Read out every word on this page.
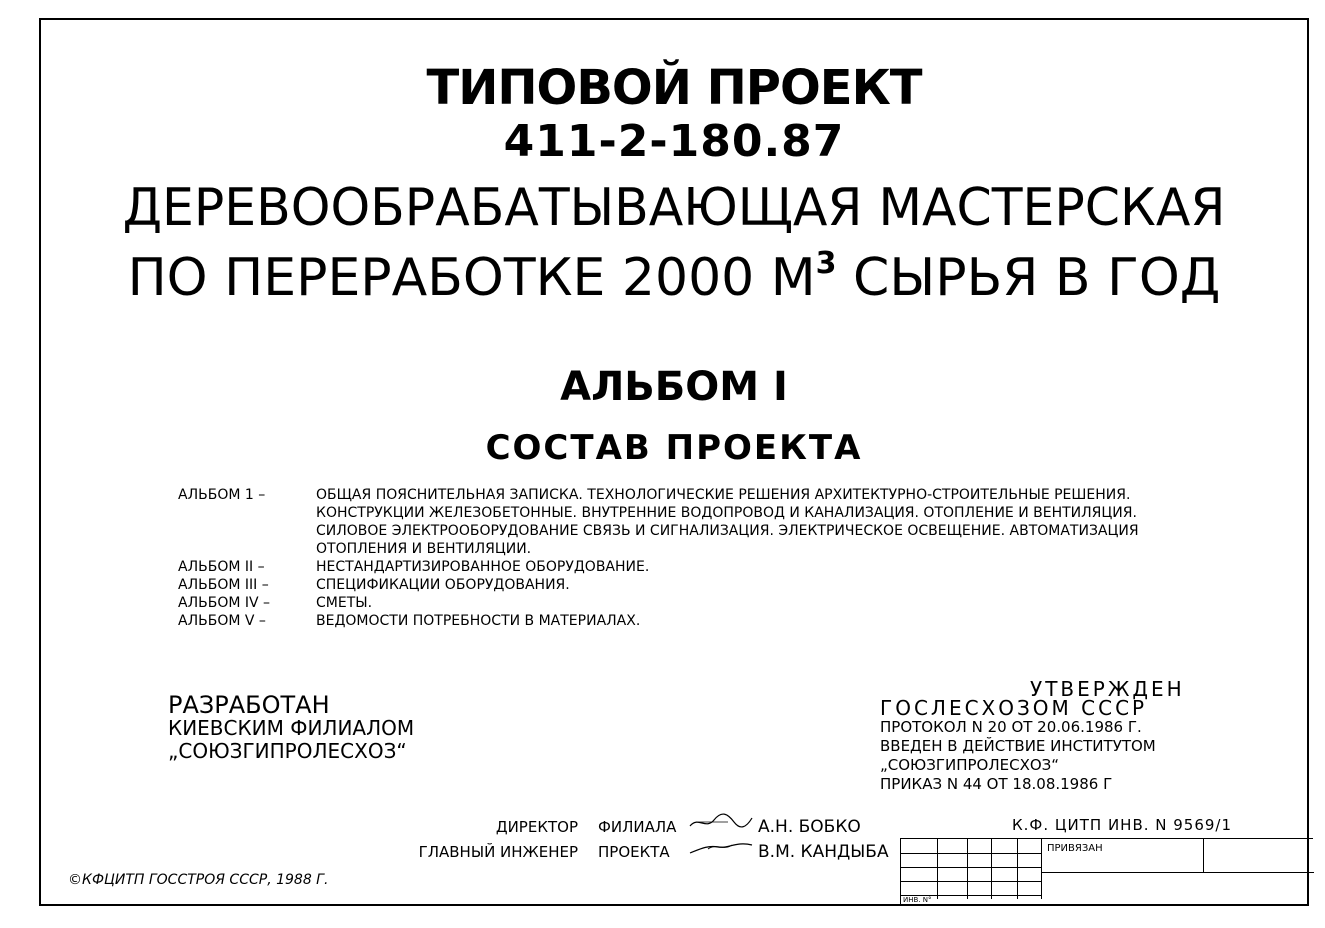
ТИПОВОЙ ПРОЕКТ
411-2-180.87
ДЕРЕВООБРАБАТЫВАЮЩАЯ МАСТЕРСКАЯ
ПО ПЕРЕРАБОТКЕ 2000 $М^3$ СЫРЬЯ В ГОД
АЛЬБОМ I
СОСТАВ ПРОЕКТА
АЛЬБОМ 1 –	ОБЩАЯ ПОЯСНИТЕЛЬНАЯ ЗАПИСКА. ТЕХНОЛОГИЧЕСКИЕ РЕШЕНИЯ АРХИТЕКТУРНО-СТРОИТЕЛЬНЫЕ РЕШЕНИЯ.
КОНСТРУКЦИИ ЖЕЛЕЗОБЕТОННЫЕ. ВНУТРЕННИЕ ВОДОПРОВОД И КАНАЛИЗАЦИЯ. ОТОПЛЕНИЕ И ВЕНТИЛЯЦИЯ.
СИЛОВОЕ ЭЛЕКТРООБОРУДОВАНИЕ СВЯЗЬ И СИГНАЛИЗАЦИЯ. ЭЛЕКТРИЧЕСКОЕ ОСВЕЩЕНИЕ. АВТОМАТИЗАЦИЯ
ОТОПЛЕНИЯ И ВЕНТИЛЯЦИИ.
АЛЬБОМ II –	НЕСТАНДАРТИЗИРОВАННОЕ ОБОРУДОВАНИЕ.
АЛЬБОМ III –	СПЕЦИФИКАЦИИ ОБОРУДОВАНИЯ.
АЛЬБОМ IV –	СМЕТЫ.
АЛЬБОМ V –	ВЕДОМОСТИ ПОТРЕБНОСТИ В МАТЕРИАЛАХ.
РАЗРАБОТАН
КИЕВСКИМ ФИЛИАЛОМ
„СОЮЗГИПРОЛЕСХОЗ“
УТВЕРЖДЕН
ГОСЛЕСХОЗОМ СССР
ПРОТОКОЛ N 20 ОТ 20.06.1986 Г.
ВВЕДЕН В ДЕЙСТВИЕ ИНСТИТУТОМ
„СОЮЗГИПРОЛЕСХОЗ“
ПРИКАЗ N 44 ОТ 18.08.1986 Г
ДИРЕКТОР	ФИЛИАЛА	А.Н. БОБКО
ГЛАВНЫЙ ИНЖЕНЕР	ПРОЕКТА	В.М. КАНДЫБА
К.Ф. ЦИТП ИНВ. N 9569/1
ПРИВЯЗАН
ИНВ. N°
©КФЦИТП ГОССТРОЯ СССР, 1988 Г.
